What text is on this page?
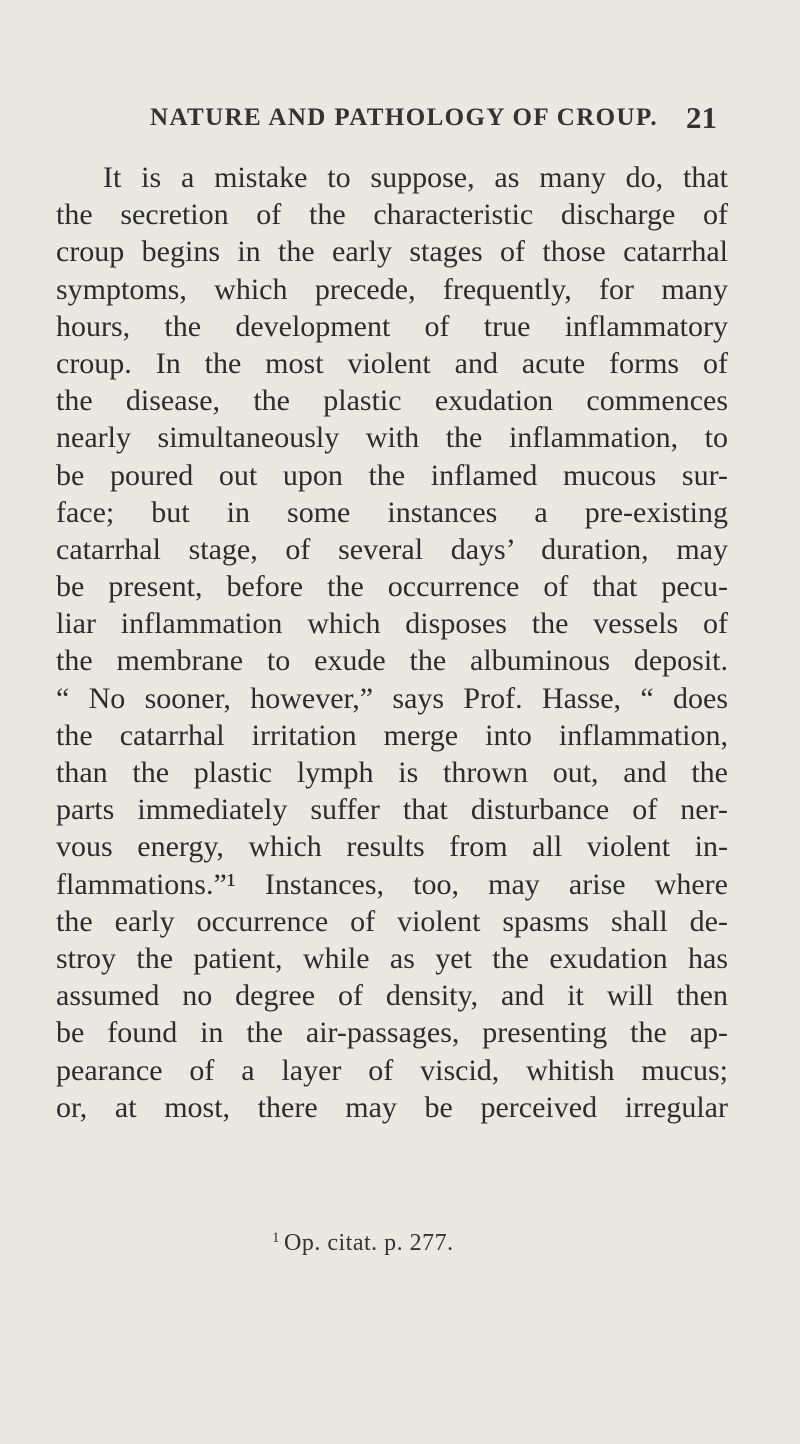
NATURE AND PATHOLOGY OF CROUP. 21
It is a mistake to suppose, as many do, that
the secretion of the characteristic discharge of
croup begins in the early stages of those catarrhal
symptoms, which precede, frequently, for many
hours, the development of true inflammatory
croup. In the most violent and acute forms of
the disease, the plastic exudation commences
nearly simultaneously with the inflammation, to
be poured out upon the inflamed mucous sur-
face; but in some instances a pre-existing
catarrhal stage, of several days’ duration, may
be present, before the occurrence of that pecu-
liar inflammation which disposes the vessels of
the membrane to exude the albuminous deposit.
“ No sooner, however,” says Prof. Hasse, “ does
the catarrhal irritation merge into inflammation,
than the plastic lymph is thrown out, and the
parts immediately suffer that disturbance of ner-
vous energy, which results from all violent in-
flammations.”¹ Instances, too, may arise where
the early occurrence of violent spasms shall de-
stroy the patient, while as yet the exudation has
assumed no degree of density, and it will then
be found in the air-passages, presenting the ap-
pearance of a layer of viscid, whitish mucus;
or, at most, there may be perceived irregular
$^1$ Op. citat. p. 277.
